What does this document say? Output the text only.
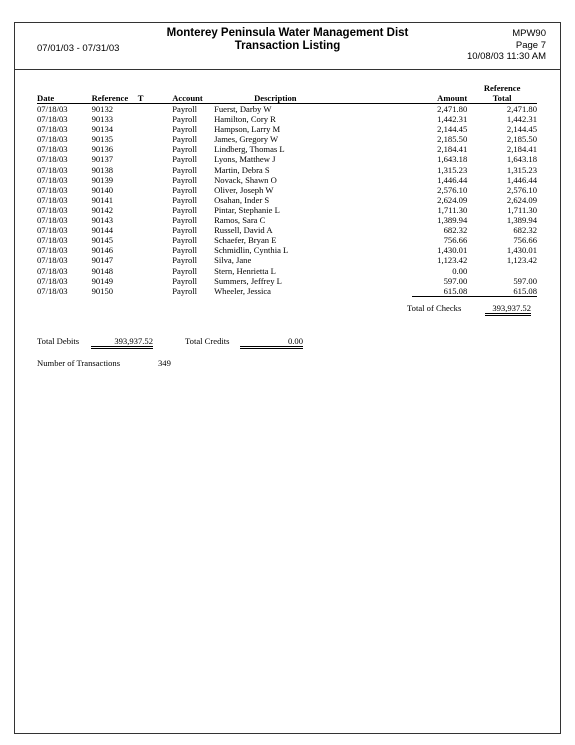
Monterey Peninsula Water Management Dist
Transaction Listing
07/01/03 - 07/31/03
MPW90
Page 7
10/08/03 11:30 AM
Date	Reference	T	Account	Description	Amount	Reference
Total
07/18/03	90132		Payroll	Fuerst, Darby W	2,471.80	2,471.80
07/18/03	90133		Payroll	Hamilton, Cory R	1,442.31	1,442.31
07/18/03	90134		Payroll	Hampson, Larry M	2,144.45	2,144.45
07/18/03	90135		Payroll	James, Gregory W	2,185.50	2,185.50
07/18/03	90136		Payroll	Lindberg, Thomas L	2,184.41	2,184.41
07/18/03	90137		Payroll	Lyons, Matthew J	1,643.18	1,643.18
07/18/03	90138		Payroll	Martin, Debra S	1,315.23	1,315.23
07/18/03	90139		Payroll	Novack, Shawn O	1,446.44	1,446.44
07/18/03	90140		Payroll	Oliver, Joseph W	2,576.10	2,576.10
07/18/03	90141		Payroll	Osahan, Inder S	2,624.09	2,624.09
07/18/03	90142		Payroll	Pintar, Stephanie L	1,711.30	1,711.30
07/18/03	90143		Payroll	Ramos, Sara C	1,389.94	1,389.94
07/18/03	90144		Payroll	Russell, David A	682.32	682.32
07/18/03	90145		Payroll	Schaefer, Bryan E	756.66	756.66
07/18/03	90146		Payroll	Schmidlin, Cynthia L	1,430.01	1,430.01
07/18/03	90147		Payroll	Silva, Jane	1,123.42	1,123.42
07/18/03	90148		Payroll	Stern, Henrietta L	0.00	
07/18/03	90149		Payroll	Summers, Jeffrey L	597.00	597.00
07/18/03	90150		Payroll	Wheeler, Jessica	615.08	615.08
Total of Checks	393,937.52
Total Debits	393,937.52	Total Credits	0.00
Number of Transactions	349
